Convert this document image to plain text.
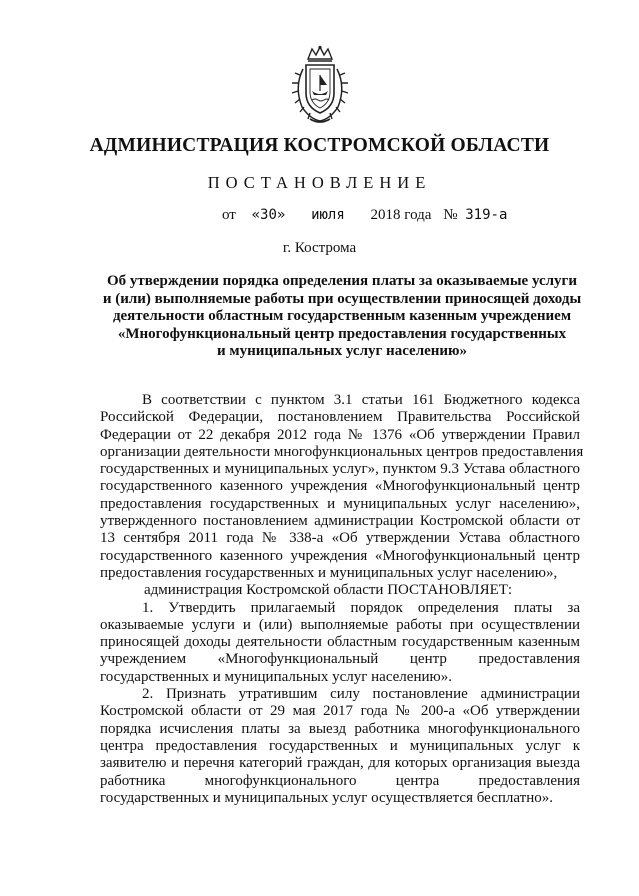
АДМИНИСТРАЦИЯ КОСТРОМСКОЙ ОБЛАСТИ
ПОСТАНОВЛЕНИЕ
от «30» июля 2018 года № 319-а
г. Кострома
Об утверждении порядка определения платы за оказываемые услуги
и (или) выполняемые работы при осуществлении приносящей доходы
деятельности областным государственным казенным учреждением
«Многофункциональный центр предоставления государственных
и муниципальных услуг населению»
В соответствии с пунктом 3.1 статьи 161 Бюджетного кодекса
Российской Федерации, постановлением Правительства Российской
Федерации от 22 декабря 2012 года № 1376 «Об утверждении Правил
организации деятельности многофункциональных центров предоставления
государственных и муниципальных услуг», пунктом 9.3 Устава областного
государственного казенного учреждения «Многофункциональный центр
предоставления государственных и муниципальных услуг населению»,
утвержденного постановлением администрации Костромской области от
13 сентября 2011 года № 338-а «Об утверждении Устава областного
государственного казенного учреждения «Многофункциональный центр
предоставления государственных и муниципальных услуг населению»,
администрация Костромской области ПОСТАНОВЛЯЕТ:
1. Утвердить прилагаемый порядок определения платы за
оказываемые услуги и (или) выполняемые работы при осуществлении
приносящей доходы деятельности областным государственным казенным
учреждением «Многофункциональный центр предоставления
государственных и муниципальных услуг населению».
2. Признать утратившим силу постановление администрации
Костромской области от 29 мая 2017 года № 200-а «Об утверждении
порядка исчисления платы за выезд работника многофункционального
центра предоставления государственных и муниципальных услуг к
заявителю и перечня категорий граждан, для которых организация выезда
работника многофункционального центра предоставления
государственных и муниципальных услуг осуществляется бесплатно».
